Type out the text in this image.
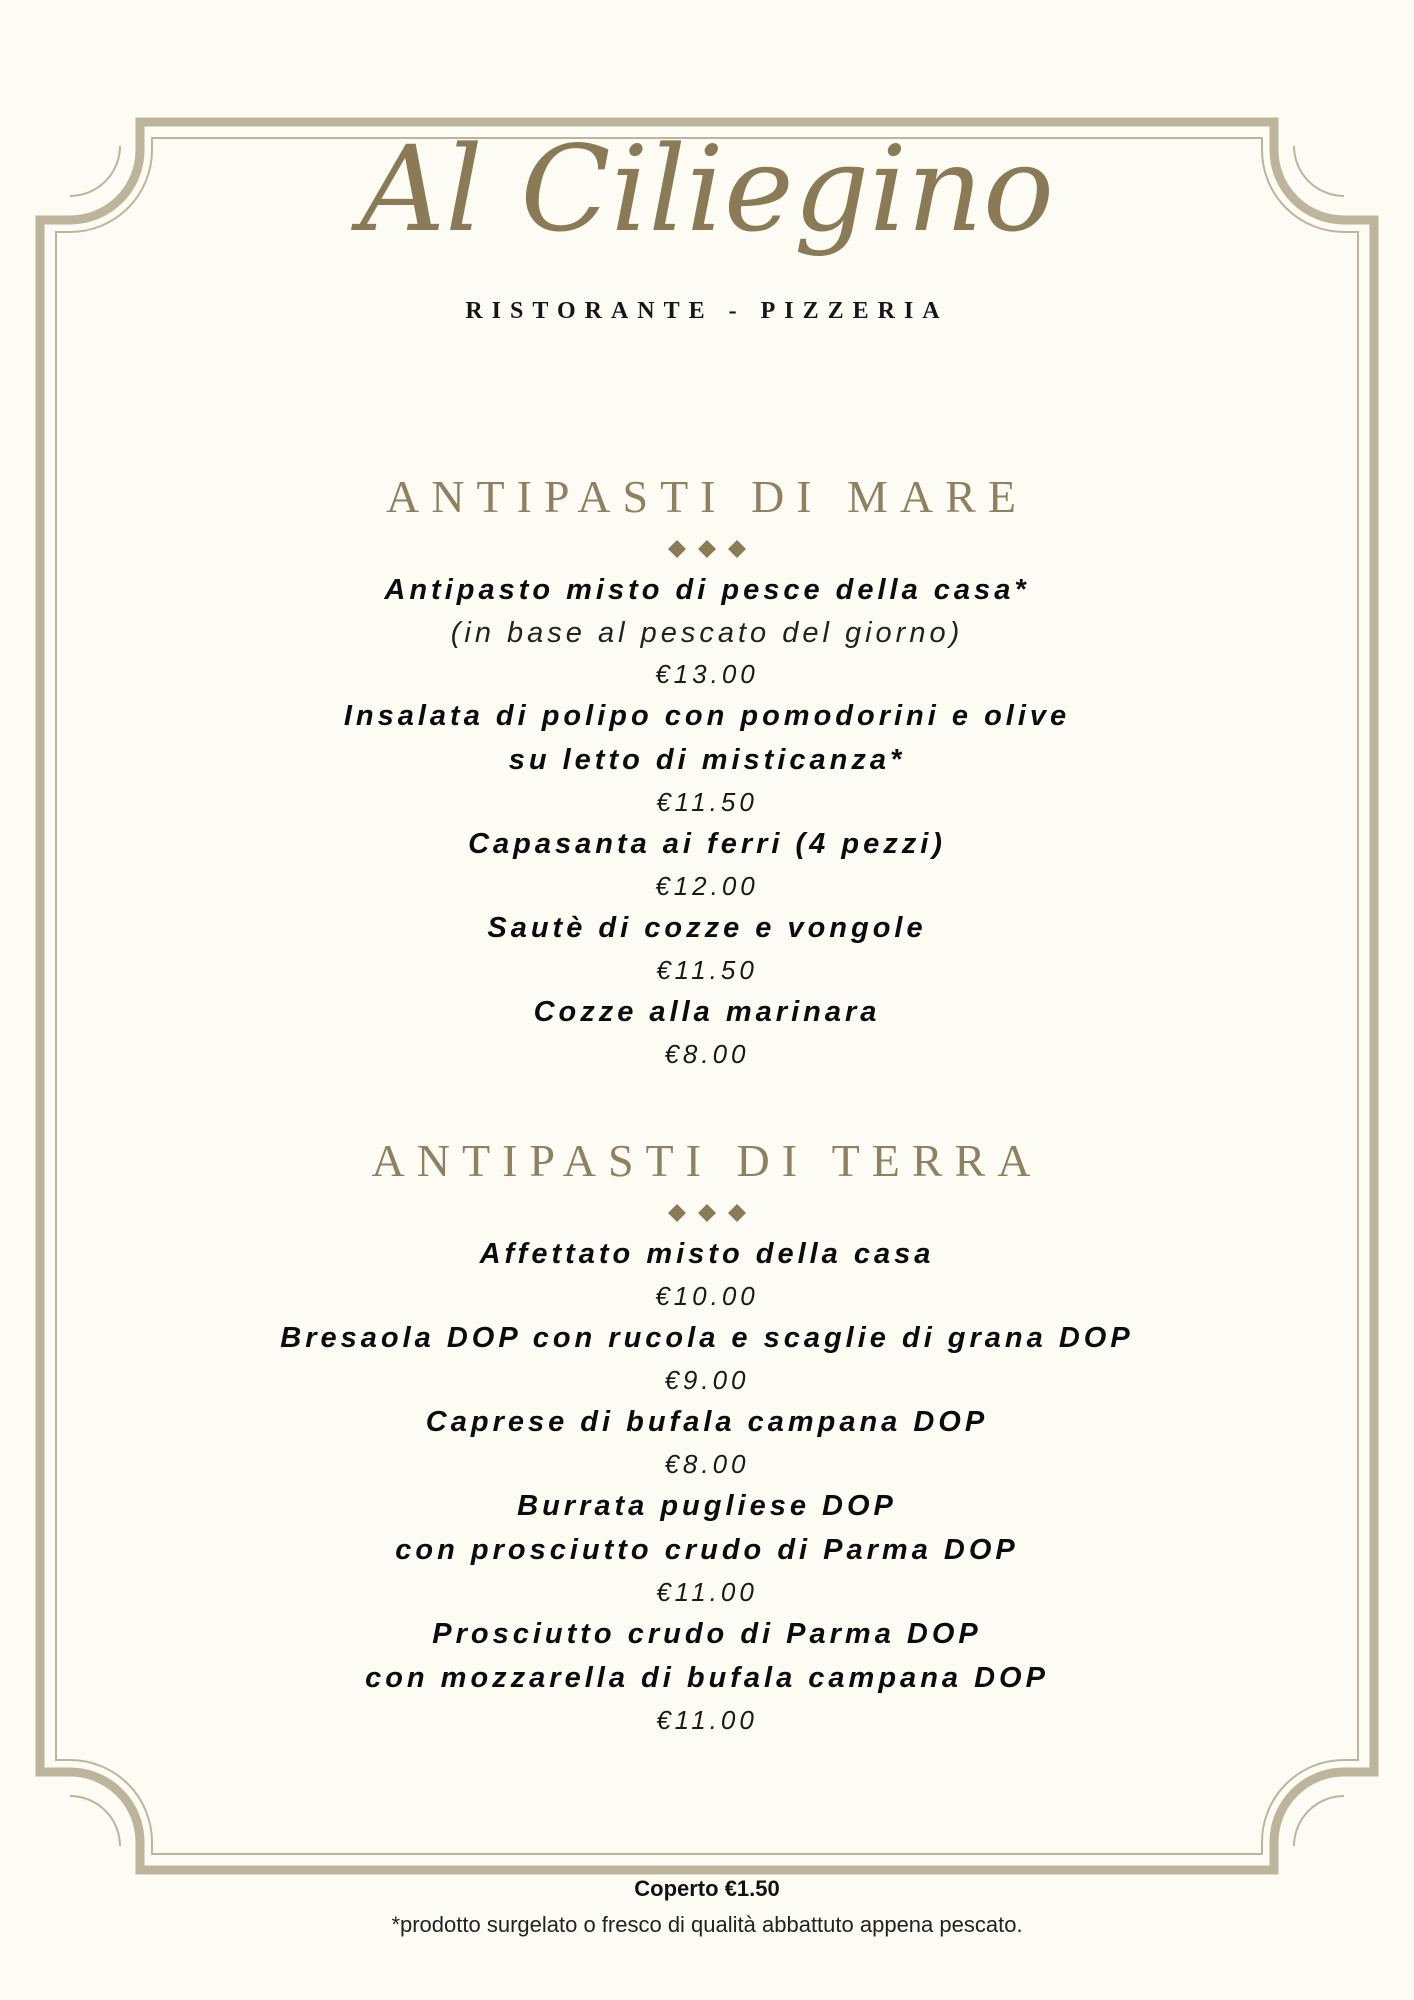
Al Ciliegino
RISTORANTE - PIZZERIA
ANTIPASTI DI MARE
Antipasto misto di pesce della casa*
(in base al pescato del giorno)
€13.00
Insalata di polipo con pomodorini e olive
su letto di misticanza*
€11.50
Capasanta ai ferri (4 pezzi)
€12.00
Sautè di cozze e vongole
€11.50
Cozze alla marinara
€8.00
ANTIPASTI DI TERRA
Affettato misto della casa
€10.00
Bresaola DOP con rucola e scaglie di grana DOP
€9.00
Caprese di bufala campana DOP
€8.00
Burrata pugliese DOP
con prosciutto crudo di Parma DOP
€11.00
Prosciutto crudo di Parma DOP
con mozzarella di bufala campana DOP
€11.00
Coperto €1.50
*prodotto surgelato o fresco di qualità abbattuto appena pescato.
